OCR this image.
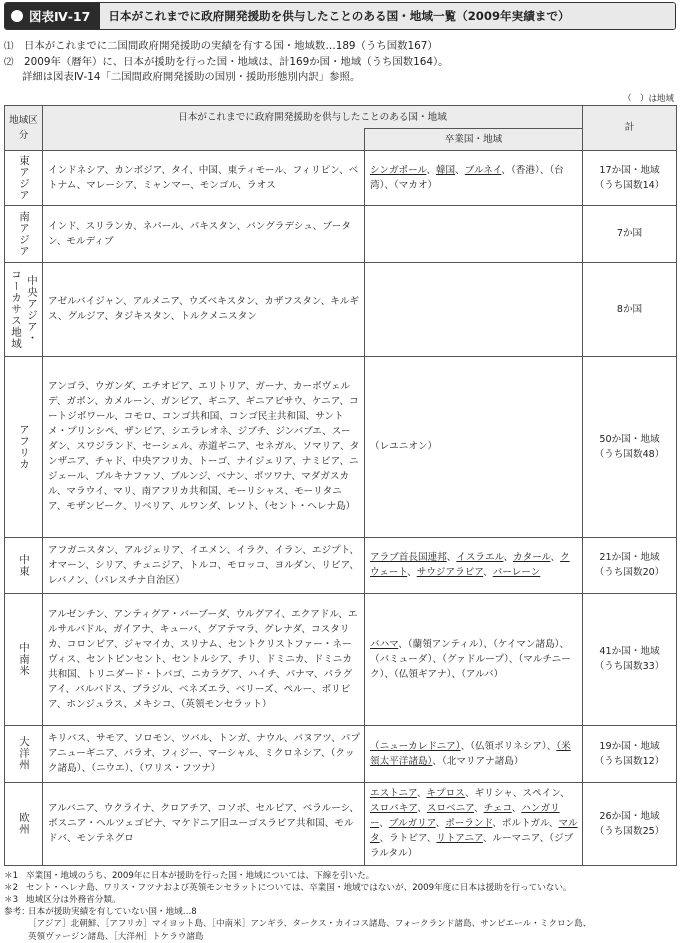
図表Ⅳ-17	日本がこれまでに政府開発援助を供与したことのある国・地域一覧（2009年実績まで）
⑴ 日本がこれまでに二国間政府開発援助の実績を有する国・地域数…189（うち国数167）
⑵ 2009年（暦年）に、日本が援助を行った国・地域は、計169か国・地域（うち国数164）。
詳細は図表Ⅳ-14「二国間政府開発援助の国別・援助形態別内訳」参照。
（　）は地域
地域区分	日本がこれまでに政府開発援助を供与したことのある国・地域		計
		卒業国・地域	

東アジア	インドネシア、カンボジア、タイ、中国、東ティモール、フィリピン、ベトナム、マレーシア、ミャンマー、モンゴル、ラオス	シンガポール、韓国、ブルネイ、（香港）、（台湾）、（マカオ）	17か国・地域
（うち国数14）

南アジア	インド、スリランカ、ネパール、パキスタン、バングラデシュ、ブータン、モルディブ		7か国

中央アジア・
コーカサス地域	アゼルバイジャン、アルメニア、ウズベキスタン、カザフスタン、キルギス、グルジア、タジキスタン、トルクメニスタン		8か国

アフリカ	アンゴラ、ウガンダ、エチオピア、エリトリア、ガーナ、カーボヴェルデ、ガボン、カメルーン、ガンビア、ギニア、ギニアビサウ、ケニア、コートジボワール、コモロ、コンゴ共和国、コンゴ民主共和国、サントメ・プリンシペ、ザンビア、シエラレオネ、ジブチ、ジンバブエ、スーダン、スワジランド、セーシェル、赤道ギニア、セネガル、ソマリア、タンザニア、チャド、中央アフリカ、トーゴ、ナイジェリア、ナミビア、ニジェール、ブルキナファソ、ブルンジ、ベナン、ボツワナ、マダガスカル、マラウイ、マリ、南アフリカ共和国、モーリシャス、モーリタニア、モザンビーク、リベリア、ルワンダ、レソト、（セント・ヘレナ島）	（レユニオン）	50か国・地域
（うち国数48）

中東	アフガニスタン、アルジェリア、イエメン、イラク、イラン、エジプト、オマーン、シリア、チュニジア、トルコ、モロッコ、ヨルダン、リビア、レバノン、（パレスチナ自治区）	アラブ首長国連邦、イスラエル、カタール、クウェート、サウジアラビア、バーレーン	21か国・地域
（うち国数20）

中南米	アルゼンチン、アンティグア・バーブーダ、ウルグアイ、エクアドル、エルサルバドル、ガイアナ、キューバ、グアテマラ、グレナダ、コスタリカ、コロンビア、ジャマイカ、スリナム、セントクリストファー・ネーヴィス、セントビンセント、セントルシア、チリ、ドミニカ、ドミニカ共和国、トリニダード・トバゴ、ニカラグア、ハイチ、パナマ、パラグアイ、バルバドス、ブラジル、ベネズエラ、ベリーズ、ペルー、ボリビア、ホンジュラス、メキシコ、（英領モンセラット）	バハマ、（蘭領アンティル）、（ケイマン諸島）、（バミューダ）、（グァドループ）、（マルチニーク）、（仏領ギアナ）、（アルバ）	41か国・地域
（うち国数33）

大洋州	キリバス、サモア、ソロモン、ツバル、トンガ、ナウル、バヌアツ、パプアニューギニア、パラオ、フィジー、マーシャル、ミクロネシア、（クック諸島）、（ニウエ）、（ワリス・フツナ）	（ニューカレドニア）、（仏領ポリネシア）、（米領太平洋諸島）、（北マリアナ諸島）	19か国・地域
（うち国数12）

欧州	アルバニア、ウクライナ、クロアチア、コソボ、セルビア、ベラルーシ、ボスニア・ヘルツェゴビナ、マケドニア旧ユーゴスラビア共和国、モルドバ、モンテネグロ	エストニア、キプロス、ギリシャ、スペイン、スロバキア、スロベニア、チェコ、ハンガリー、ブルガリア、ポーランド、ポルトガル、マルタ、ラトビア、リトアニア、ルーマニア、（ジブラルタル）	26か国・地域
（うち国数25）
＊1 卒業国・地域のうち、2009年に日本が援助を行った国・地域については、下線を引いた。
＊2 セント・ヘレナ島、ワリス・フツナおよび英領モンセラットについては、卒業国・地域ではないが、2009年度に日本は援助を行っていない。
＊3 地域区分は外務省分類。
参考：日本が援助実績を有していない国・地域…8
［アジア］北朝鮮、［アフリカ］マイヨット島、［中南米］アンギラ、タークス・カイコス諸島、フォークランド諸島、サンピエール・ミクロン島、
英領ヴァージン諸島、［大洋州］トケラウ諸島
